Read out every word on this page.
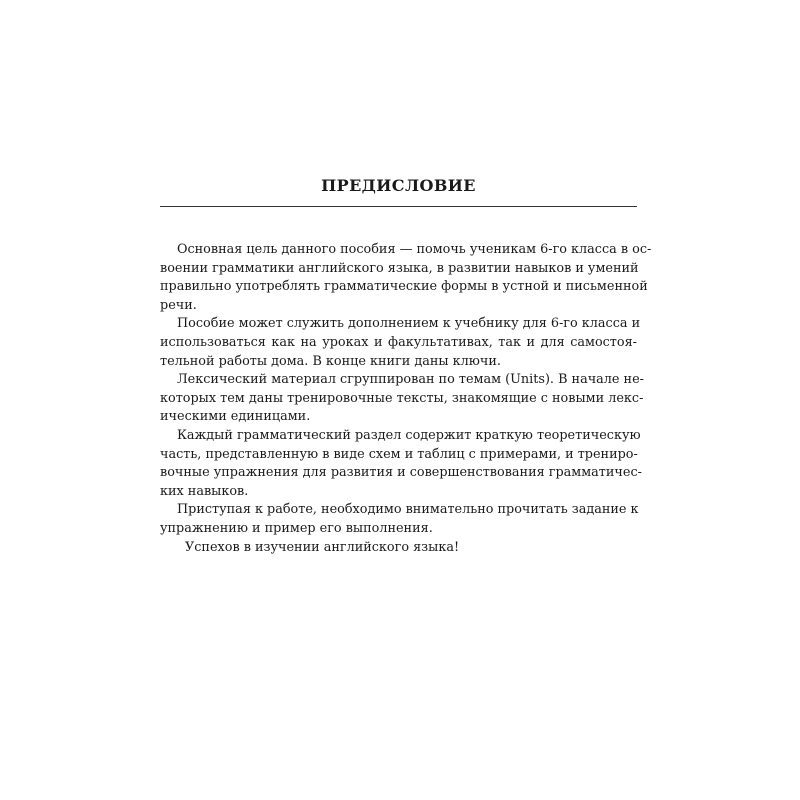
ПРЕДИСЛОВИЕ
Основная цель данного пособия — помочь ученикам 6-го класса в ос-
воении грамматики английского языка, в развитии навыков и умений
правильно употреблять грамматические формы в устной и письменной
речи.
Пособие может служить дополнением к учебнику для 6-го класса и
использоваться как на уроках и факультативах, так и для самостоя-
тельной работы дома. В конце книги даны ключи.
Лексический материал сгруппирован по темам (Units). В начале не-
которых тем даны тренировочные тексты, знакомящие с новыми лекс-
ическими единицами.
Каждый грамматический раздел содержит краткую теоретическую
часть, представленную в виде схем и таблиц с примерами, и трениро-
вочные упражнения для развития и совершенствования грамматичес-
ких навыков.
Приступая к работе, необходимо внимательно прочитать задание к
упражнению и пример его выполнения.
Успехов в изучении английского языка!
